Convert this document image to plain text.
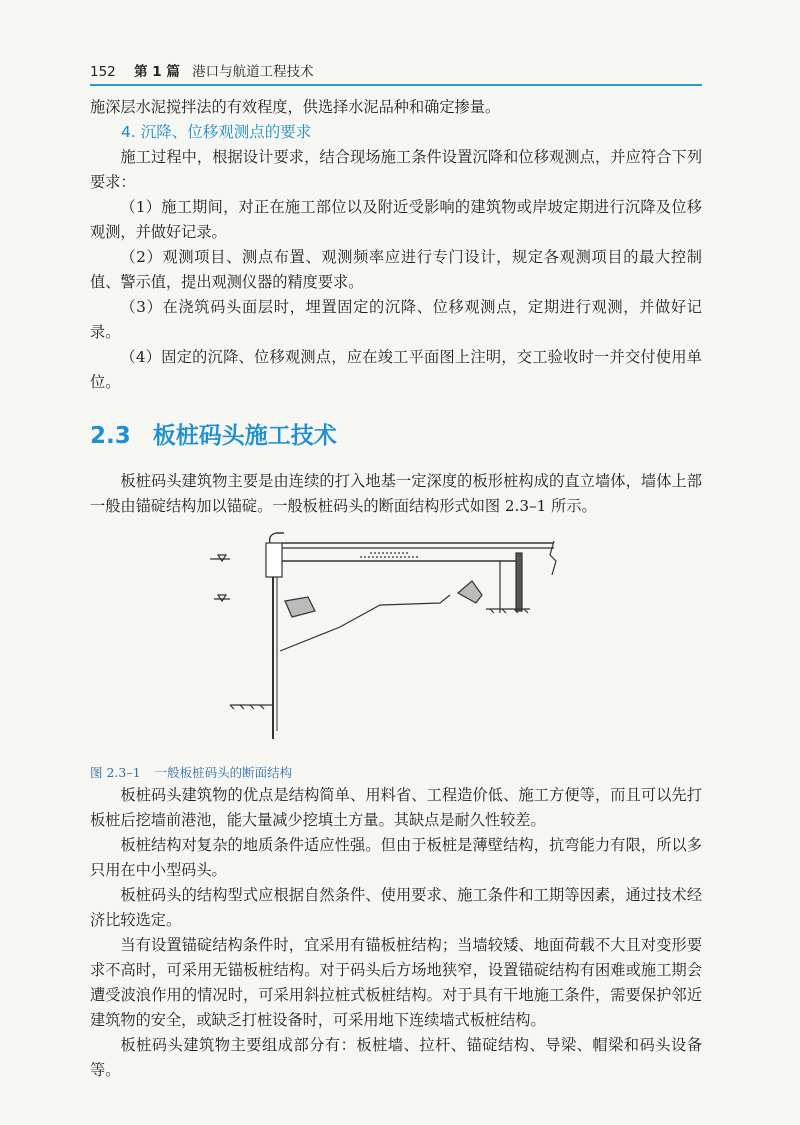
152 第 1 篇 港口与航道工程技术

施深层水泥搅拌法的有效程度，供选择水泥品种和确定掺量。

4. 沉降、位移观测点的要求

施工过程中，根据设计要求，结合现场施工条件设置沉降和位移观测点，并应符合下列要求：

（1）施工期间，对正在施工部位以及附近受影响的建筑物或岸坡定期进行沉降及位移观测，并做好记录。

（2）观测项目、测点布置、观测频率应进行专门设计，规定各观测项目的最大控制值、警示值，提出观测仪器的精度要求。

（3）在浇筑码头面层时，埋置固定的沉降、位移观测点，定期进行观测，并做好记录。

（4）固定的沉降、位移观测点，应在竣工平面图上注明，交工验收时一并交付使用单位。

2.3 板桩码头施工技术

板桩码头建筑物主要是由连续的打入地基一定深度的板形桩构成的直立墙体，墙体上部一般由锚碇结构加以锚碇。一般板桩码头的断面结构形式如图 2.3–1 所示。

图 2.3–1 一般板桩码头的断面结构

板桩码头建筑物的优点是结构简单、用料省、工程造价低、施工方便等，而且可以先打板桩后挖墙前港池，能大量减少挖填土方量。其缺点是耐久性较差。

板桩结构对复杂的地质条件适应性强。但由于板桩是薄壁结构，抗弯能力有限，所以多只用在中小型码头。

板桩码头的结构型式应根据自然条件、使用要求、施工条件和工期等因素，通过技术经济比较选定。

当有设置锚碇结构条件时，宜采用有锚板桩结构；当墙较矮、地面荷载不大且对变形要求不高时，可采用无锚板桩结构。对于码头后方场地狭窄，设置锚碇结构有困难或施工期会遭受波浪作用的情况时，可采用斜拉桩式板桩结构。对于具有干地施工条件，需要保护邻近建筑物的安全，或缺乏打桩设备时，可采用地下连续墙式板桩结构。

板桩码头建筑物主要组成部分有：板桩墙、拉杆、锚碇结构、导梁、帽梁和码头设备等。
